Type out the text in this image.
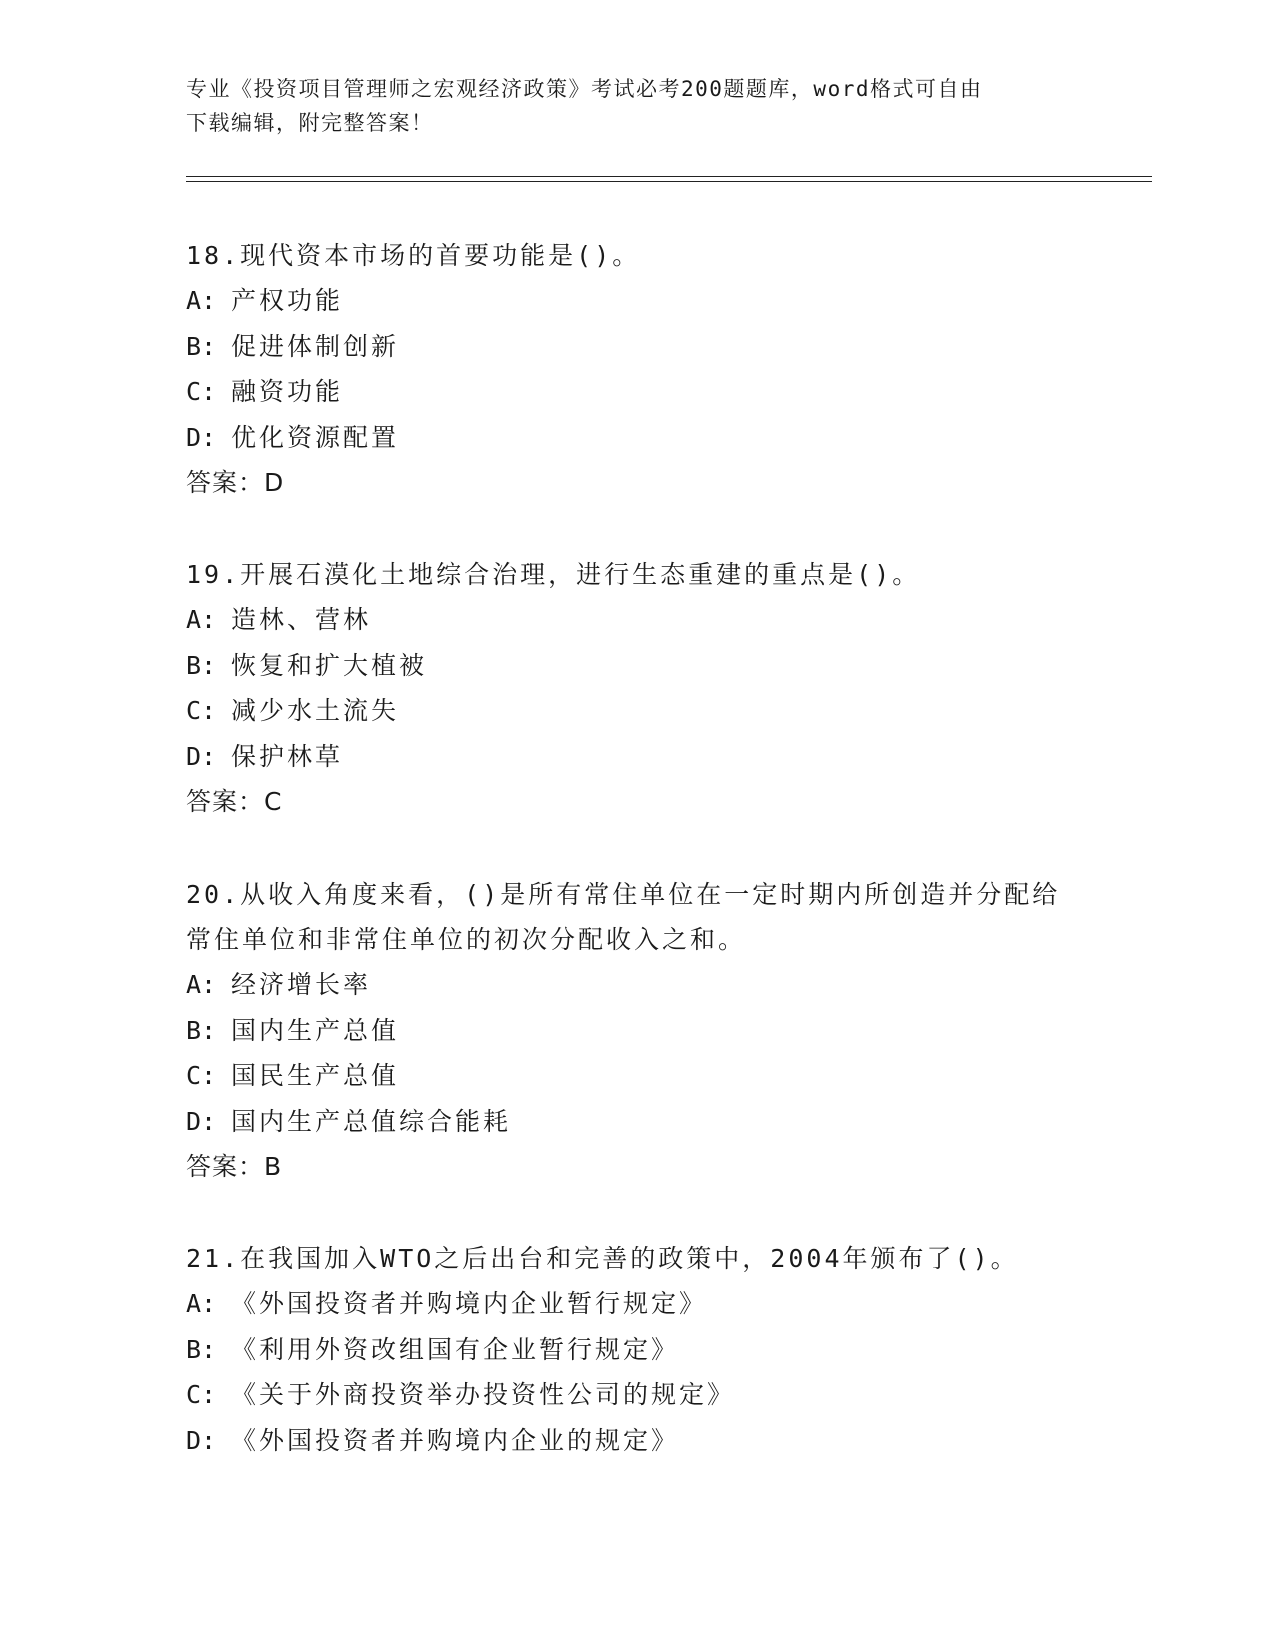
专业《投资项目管理师之宏观经济政策》考试必考200题题库，word格式可自由
下载编辑，附完整答案！
18.现代资本市场的首要功能是()。
A: 产权功能
B: 促进体制创新
C: 融资功能
D: 优化资源配置
答案：D
19.开展石漠化土地综合治理，进行生态重建的重点是()。
A: 造林、营林
B: 恢复和扩大植被
C: 减少水土流失
D: 保护林草
答案：C
20.从收入角度来看，()是所有常住单位在一定时期内所创造并分配给
常住单位和非常住单位的初次分配收入之和。
A: 经济增长率
B: 国内生产总值
C: 国民生产总值
D: 国内生产总值综合能耗
答案：B
21.在我国加入WTO之后出台和完善的政策中，2004年颁布了()。
A: 《外国投资者并购境内企业暂行规定》
B: 《利用外资改组国有企业暂行规定》
C: 《关于外商投资举办投资性公司的规定》
D: 《外国投资者并购境内企业的规定》
